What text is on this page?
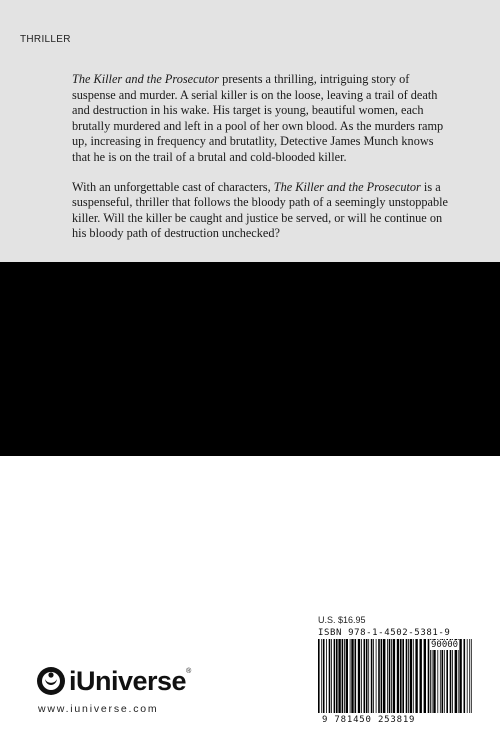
THRILLER

The Killer and the Prosecutor presents a thrilling, intriguing story of suspense and murder. A serial killer is on the loose, leaving a trail of death and destruction in his wake. His target is young, beautiful women, each brutally murdered and left in a pool of her own blood. As the murders ramp up, increasing in frequency and brutatlity, Detective James Munch knows that he is on the trail of a brutal and cold-blooded killer.

With an unforgettable cast of characters, The Killer and the Prosecutor is a suspenseful, thriller that follows the bloody path of a seemingly unstoppable killer. Will the killer be caught and justice be served, or will he continue on his bloody path of destruction unchecked?

iUniverse ®
www.iuniverse.com
U.S. $16.95
ISBN 978-1-4502-5381-9
90000
9 781450 253819
